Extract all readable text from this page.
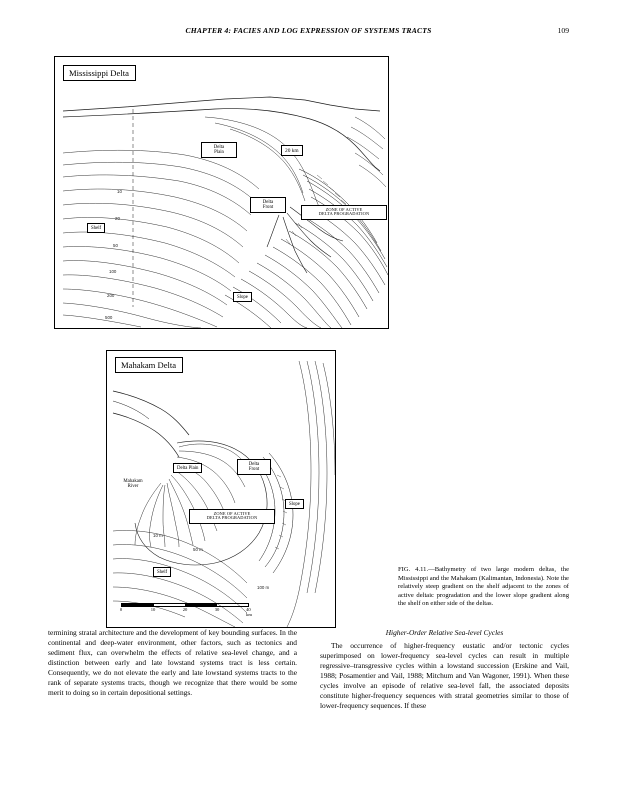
CHAPTER 4: FACIES AND LOG EXPRESSION OF SYSTEMS TRACTS	109
10
20
50
100
200
500
Mississippi Delta
Delta
Plain
Delta
Front
Shelf
Slope
20 km
ZONE OF ACTIVE
DELTA PROGRADATION
10 m
50 m
100 m
Mahakam Delta
Delta Plain
Delta
Front
Mahakam
River
Slope
Shelf
ZONE OF ACTIVE
DELTA PROGRADATION
0	10	20	30	40 km
FIG. 4.11.—Bathymetry of two large modern deltas, the Mississippi and the Mahakam (Kalimantan, Indonesia). Note the relatively steep gradient on the shelf adjacent to the zones of active deltaic progradation and the lower slope gradient along the shelf on either side of the deltas.

termining stratal architecture and the development of key bounding surfaces. In the continental and deep-water environment, other factors, such as tectonics and sediment flux, can overwhelm the effects of relative sea-level change, and a distinction between early and late lowstand systems tract is less certain. Consequently, we do not elevate the early and late lowstand systems tracts to the rank of separate systems tracts, though we recognize that there would be some merit to doing so in certain depositional settings.

Higher-Order Relative Sea-level Cycles

The occurrence of higher-frequency eustatic and/or tectonic cycles superimposed on lower-frequency sea-level cycles can result in multiple regressive–transgressive cycles within a lowstand succession (Erskine and Vail, 1988; Posamentier and Vail, 1988; Mitchum and Van Wagoner, 1991). When these cycles involve an episode of relative sea-level fall, the associated deposits constitute higher-frequency sequences with stratal geometries similar to those of lower-frequency sequences. If these
